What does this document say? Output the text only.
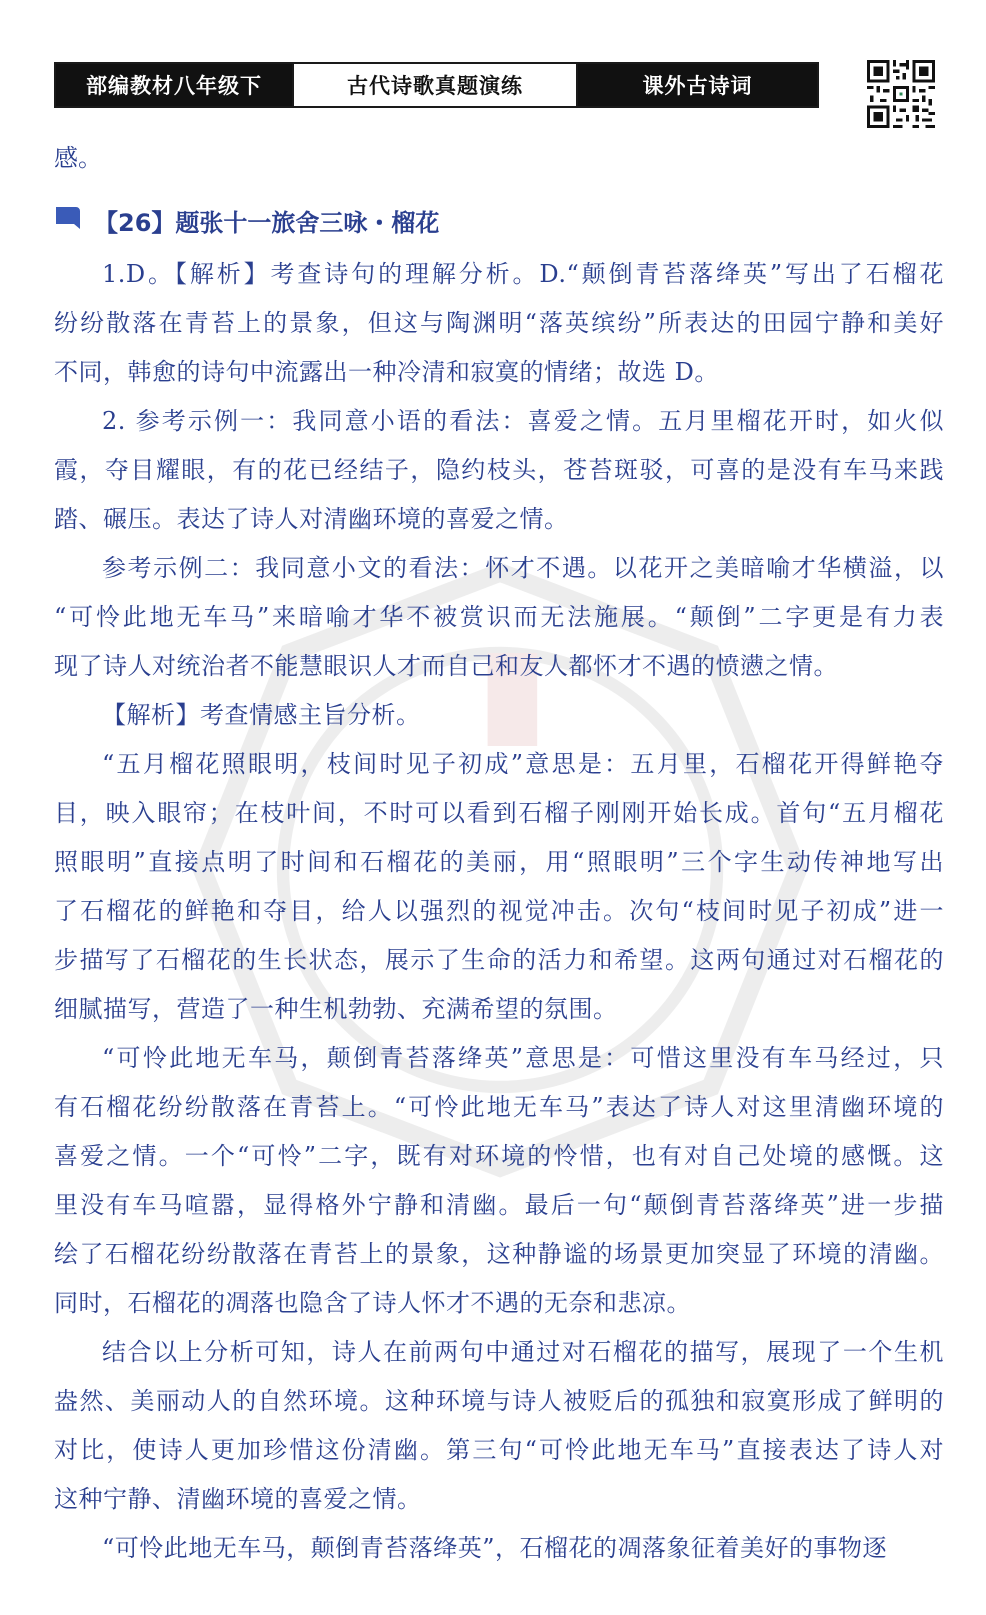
部编教材八年级下	古代诗歌真题演练	课外古诗词
感。
【26】题张十一旅舍三咏・榴花
1.D。【解析】考查诗句的理解分析。D.“颠倒青苔落绛英”写出了石榴花
纷纷散落在青苔上的景象，但这与陶渊明“落英缤纷”所表达的田园宁静和美好
不同，韩愈的诗句中流露出一种冷清和寂寞的情绪；故选 D。
2. 参考示例一：我同意小语的看法：喜爱之情。五月里榴花开时，如火似
霞，夺目耀眼，有的花已经结子，隐约枝头，苍苔斑驳，可喜的是没有车马来践
踏、碾压。表达了诗人对清幽环境的喜爱之情。
参考示例二：我同意小文的看法：怀才不遇。以花开之美暗喻才华横溢，以
“可怜此地无车马”来暗喻才华不被赏识而无法施展。“颠倒”二字更是有力表
现了诗人对统治者不能慧眼识人才而自己和友人都怀才不遇的愤懑之情。
【解析】考查情感主旨分析。
“五月榴花照眼明，枝间时见子初成”意思是：五月里，石榴花开得鲜艳夺
目，映入眼帘；在枝叶间，不时可以看到石榴子刚刚开始长成。首句“五月榴花
照眼明”直接点明了时间和石榴花的美丽，用“照眼明”三个字生动传神地写出
了石榴花的鲜艳和夺目，给人以强烈的视觉冲击。次句“枝间时见子初成”进一
步描写了石榴花的生长状态，展示了生命的活力和希望。这两句通过对石榴花的
细腻描写，营造了一种生机勃勃、充满希望的氛围。
“可怜此地无车马，颠倒青苔落绛英”意思是：可惜这里没有车马经过，只
有石榴花纷纷散落在青苔上。“可怜此地无车马”表达了诗人对这里清幽环境的
喜爱之情。一个“可怜”二字，既有对环境的怜惜，也有对自己处境的感慨。这
里没有车马喧嚣，显得格外宁静和清幽。最后一句“颠倒青苔落绛英”进一步描
绘了石榴花纷纷散落在青苔上的景象，这种静谧的场景更加突显了环境的清幽。
同时，石榴花的凋落也隐含了诗人怀才不遇的无奈和悲凉。
结合以上分析可知，诗人在前两句中通过对石榴花的描写，展现了一个生机
盎然、美丽动人的自然环境。这种环境与诗人被贬后的孤独和寂寞形成了鲜明的
对比，使诗人更加珍惜这份清幽。第三句“可怜此地无车马”直接表达了诗人对
这种宁静、清幽环境的喜爱之情。
“可怜此地无车马，颠倒青苔落绛英”，石榴花的凋落象征着美好的事物逐
